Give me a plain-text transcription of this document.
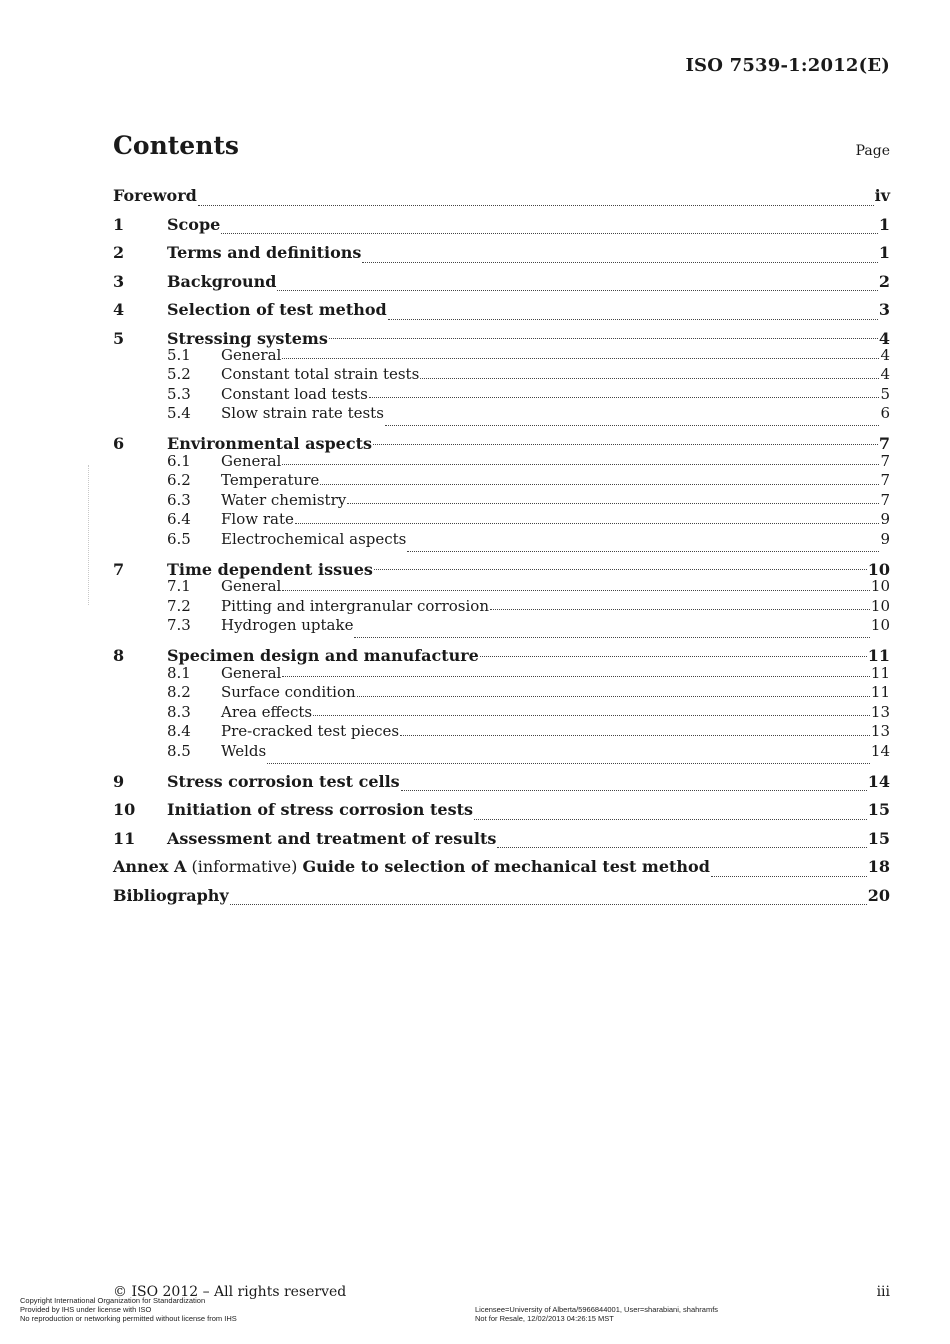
ISO 7539-1:2012(E)
Contents	Page
Foreword	iv
1	Scope	1
2	Terms and definitions	1
3	Background	2
4	Selection of test method	3
5	Stressing systems	4
5.1	General	4
5.2	Constant total strain tests	4
5.3	Constant load tests	5
5.4	Slow strain rate tests	6
6	Environmental aspects	7
6.1	General	7
6.2	Temperature	7
6.3	Water chemistry	7
6.4	Flow rate	9
6.5	Electrochemical aspects	9
7	Time dependent issues	10
7.1	General	10
7.2	Pitting and intergranular corrosion	10
7.3	Hydrogen uptake	10
8	Specimen design and manufacture	11
8.1	General	11
8.2	Surface condition	11
8.3	Area effects	13
8.4	Pre-cracked test pieces	13
8.5	Welds	14
9	Stress corrosion test cells	14
10	Initiation of stress corrosion tests	15
11	Assessment and treatment of results	15
Annex A (informative) Guide to selection of mechanical test method	18
Bibliography	20
© ISO 2012 – All rights reserved	iii
Copyright International Organization for Standardization
Provided by IHS under license with ISO
No reproduction or networking permitted without license from IHS
Licensee=University of Alberta/5966844001, User=sharabiani, shahramfs
Not for Resale, 12/02/2013 04:26:15 MST
